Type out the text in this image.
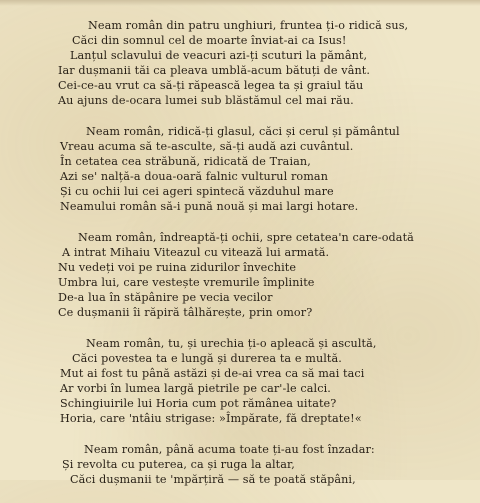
Neam român din patru unghiuri, fruntea ți-o ridică sus,
Căci din somnul cel de moarte înviat-ai ca Isus!
Lanțul sclavului de veacuri azi-ți scuturi la pământ,
Iar dușmanii tăi ca pleava umblă-acum bătuți de vânt.
Cei-ce-au vrut ca să-ți răpească legea ta și graiul tău
Au ajuns de-ocara lumei sub blăstămul cel mai rău.
Neam român, ridică-ți glasul, căci și cerul și pământul
Vreau acuma să te-asculte, să-ți audă azi cuvântul.
În cetatea cea străbună, ridicată de Traian,
Azi se' nalță-a doua-oară falnic vulturul roman
Și cu ochii lui cei ageri spintecă văzduhul mare
Neamului român să-i pună nouă și mai largi hotare.
Neam român, îndreaptă-ți ochii, spre cetatea'n care-odată
A intrat Mihaiu Viteazul cu vitează lui armată.
Nu vedeți voi pe ruina zidurilor învechite
Umbra lui, care vestește vremurile împlinite
De-a lua în stăpânire pe vecia vecilor
Ce dușmanii îi răpiră tâlhărește, prin omor?
Neam român, tu, și urechia ți-o apleacă și ascultă,
Căci povestea ta e lungă și durerea ta e multă.
Mut ai fost tu până astăzi și de-ai vrea ca să mai taci
Ar vorbi în lumea largă pietrile pe car'-le calci.
Schingiuirile lui Horia cum pot rămânea uitate?
Horia, care 'ntâiu strigase: »Împărate, fă dreptate!«
Neam român, până acuma toate ți-au fost înzadar:
Și revolta cu puterea, ca și ruga la altar,
Căci dușmanii te 'mpărțiră — să te poată stăpâni,
